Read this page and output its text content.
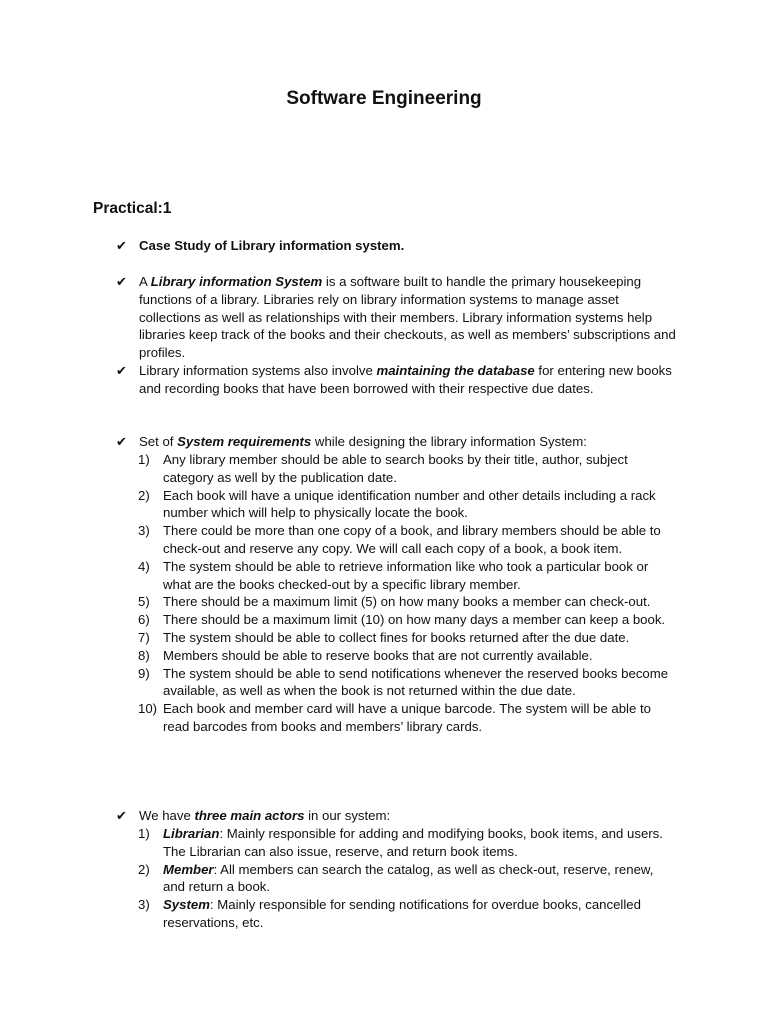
Software Engineering
Practical:1
✔ Case Study of Library information system.
✔ A Library information System is a software built to handle the primary housekeeping functions of a library. Libraries rely on library information systems to manage asset collections as well as relationships with their members. Library information systems help libraries keep track of the books and their checkouts, as well as members’ subscriptions and profiles.
✔ Library information systems also involve maintaining the database for entering new books and recording books that have been borrowed with their respective due dates.
✔ Set of System requirements while designing the library information System:
1) Any library member should be able to search books by their title, author, subject category as well by the publication date.
2) Each book will have a unique identification number and other details including a rack number which will help to physically locate the book.
3) There could be more than one copy of a book, and library members should be able to check-out and reserve any copy. We will call each copy of a book, a book item.
4) The system should be able to retrieve information like who took a particular book or what are the books checked-out by a specific library member.
5) There should be a maximum limit (5) on how many books a member can check-out.
6) There should be a maximum limit (10) on how many days a member can keep a book.
7) The system should be able to collect fines for books returned after the due date.
8) Members should be able to reserve books that are not currently available.
9) The system should be able to send notifications whenever the reserved books become available, as well as when the book is not returned within the due date.
10) Each book and member card will have a unique barcode. The system will be able to read barcodes from books and members’ library cards.
✔ We have three main actors in our system:
1) Librarian: Mainly responsible for adding and modifying books, book items, and users. The Librarian can also issue, reserve, and return book items.
2) Member: All members can search the catalog, as well as check-out, reserve, renew, and return a book.
3) System: Mainly responsible for sending notifications for overdue books, cancelled reservations, etc.
